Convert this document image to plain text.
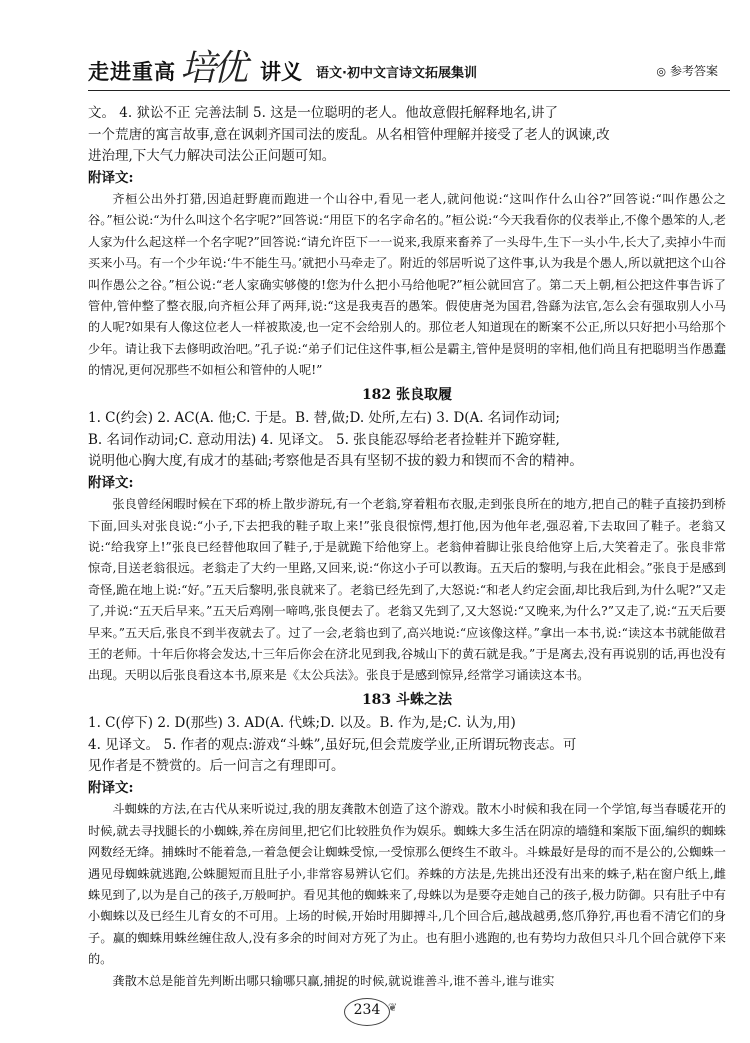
走进重高 培优 讲义 语文·初中文言诗文拓展集训	◎ 参考答案

文。 4. 狱讼不正 完善法制 5. 这是一位聪明的老人。他故意假托解释地名,讲了

一个荒唐的寓言故事,意在讽刺齐国司法的废乱。从名相管仲理解并接受了老人的讽谏,改

进治理,下大气力解决司法公正问题可知。

附译文:

齐桓公出外打猎,因追赶野鹿而跑进一个山谷中,看见一老人,就问他说:“这叫作什么山谷?”回答说:“叫作愚公之谷。”桓公说:“为什么叫这个名字呢?”回答说:“用臣下的名字命名的。”桓公说:“今天我看你的仪表举止,不像个愚笨的人,老人家为什么起这样一个名字呢?”回答说:“请允许臣下一一说来,我原来畜养了一头母牛,生下一头小牛,长大了,卖掉小牛而买来小马。有一个少年说:‘牛不能生马。’就把小马牵走了。附近的邻居听说了这件事,认为我是个愚人,所以就把这个山谷叫作愚公之谷。”桓公说:“老人家确实够傻的!您为什么把小马给他呢?”桓公就回宫了。第二天上朝,桓公把这件事告诉了管仲,管仲整了整衣服,向齐桓公拜了两拜,说:“这是我夷吾的愚笨。假使唐尧为国君,咎繇为法官,怎么会有强取别人小马的人呢?如果有人像这位老人一样被欺凌,也一定不会给别人的。那位老人知道现在的断案不公正,所以只好把小马给那个少年。请让我下去修明政治吧。”孔子说:“弟子们记住这件事,桓公是霸主,管仲是贤明的宰相,他们尚且有把聪明当作愚蠢的情况,更何况那些不如桓公和管仲的人呢!”

182 张良取履

1. C(约会) 2. AC(A. 他;C. 于是。B. 替,做;D. 处所,左右) 3. D(A. 名词作动词;

B. 名词作动词;C. 意动用法) 4. 见译文。 5. 张良能忍辱给老者捡鞋并下跪穿鞋,

说明他心胸大度,有成才的基础;考察他是否具有坚韧不拔的毅力和锲而不舍的精神。

附译文:

张良曾经闲暇时候在下邳的桥上散步游玩,有一个老翁,穿着粗布衣服,走到张良所在的地方,把自己的鞋子直接扔到桥下面,回头对张良说:“小子,下去把我的鞋子取上来!”张良很惊愕,想打他,因为他年老,强忍着,下去取回了鞋子。老翁又说:“给我穿上!”张良已经替他取回了鞋子,于是就跪下给他穿上。老翁伸着脚让张良给他穿上后,大笑着走了。张良非常惊奇,目送老翁很远。老翁走了大约一里路,又回来,说:“你这小子可以教诲。五天后的黎明,与我在此相会。”张良于是感到奇怪,跪在地上说:“好。”五天后黎明,张良就来了。老翁已经先到了,大怒说:“和老人约定会面,却比我后到,为什么呢?”又走了,并说:“五天后早来。”五天后鸡刚一啼鸣,张良便去了。老翁又先到了,又大怒说:“又晚来,为什么?”又走了,说:“五天后要早来。”五天后,张良不到半夜就去了。过了一会,老翁也到了,高兴地说:“应该像这样。”拿出一本书,说:“读这本书就能做君王的老师。十年后你将会发达,十三年后你会在济北见到我,谷城山下的黄石就是我。”于是离去,没有再说别的话,再也没有出现。天明以后张良看这本书,原来是《太公兵法》。张良于是感到惊异,经常学习诵读这本书。

183 斗蛛之法

1. C(停下) 2. D(那些) 3. AD(A. 代蛛;D. 以及。B. 作为,是;C. 认为,用)

4. 见译文。 5. 作者的观点:游戏“斗蛛”,虽好玩,但会荒废学业,正所谓玩物丧志。可

见作者是不赞赏的。后一问言之有理即可。

附译文:

斗蜘蛛的方法,在古代从来听说过,我的朋友龚散木创造了这个游戏。散木小时候和我在同一个学馆,每当春暖花开的时候,就去寻找腿长的小蜘蛛,养在房间里,把它们比较胜负作为娱乐。蜘蛛大多生活在阴凉的墙缝和案版下面,编织的蜘蛛网数经无绛。捕蛛时不能着急,一着急便会让蜘蛛受惊,一受惊那么便终生不敢斗。斗蛛最好是母的而不是公的,公蜘蛛一遇见母蜘蛛就逃跑,公蛛腿短而且肚子小,非常容易辨认它们。养蛛的方法是,先挑出还没有出来的蛛子,粘在窗户纸上,雌蛛见到了,以为是自己的孩子,万般呵护。看见其他的蜘蛛来了,母蛛以为是要夺走她自己的孩子,极力防御。只有肚子中有小蜘蛛以及已经生儿育女的不可用。上场的时候,开始时用脚搏斗,几个回合后,越战越勇,悠爪狰狞,再也看不清它们的身子。赢的蜘蛛用蛛丝缠住敌人,没有多余的时间对方死了为止。也有胆小逃跑的,也有势均力敌但只斗几个回合就停下来的。

龚散木总是能首先判断出哪只输哪只赢,捕捉的时候,就说谁善斗,谁不善斗,谁与谁实

234 ❦
